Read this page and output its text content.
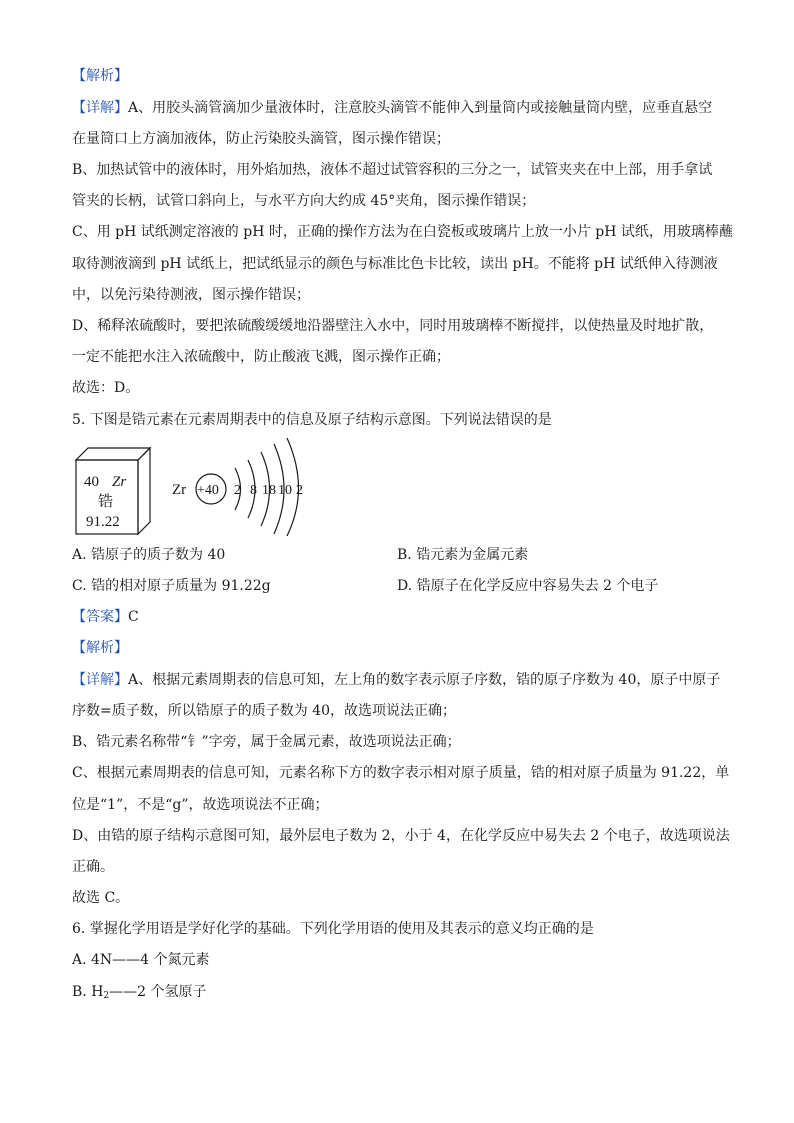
【解析】
【详解】A、用胶头滴管滴加少量液体时，注意胶头滴管不能伸入到量筒内或接触量筒内壁，应垂直悬空
在量筒口上方滴加液体，防止污染胶头滴管，图示操作错误；
B、加热试管中的液体时，用外焰加热，液体不超过试管容积的三分之一，试管夹夹在中上部，用手拿试
管夹的长柄，试管口斜向上，与水平方向大约成 45°夹角，图示操作错误；
C、用 pH 试纸测定溶液的 pH 时，正确的操作方法为在白瓷板或玻璃片上放一小片 pH 试纸，用玻璃棒蘸
取待测液滴到 pH 试纸上，把试纸显示的颜色与标准比色卡比较，读出 pH。不能将 pH 试纸伸入待测液
中，以免污染待测液，图示操作错误；
D、稀释浓硫酸时，要把浓硫酸缓缓地沿器壁注入水中，同时用玻璃棒不断搅拌，以使热量及时地扩散，
一定不能把水注入浓硫酸中，防止酸液飞溅，图示操作正确；
故选：D。
5. 下图是锆元素在元素周期表中的信息及原子结构示意图。下列说法错误的是
40 Zr
锆
91.22
Zr +40 2 8 18 10 2
A. 锆原子的质子数为 40	B. 锆元素为金属元素
C. 锆的相对原子质量为 91.22g	D. 锆原子在化学反应中容易失去 2 个电子
【答案】C
【解析】
【详解】A、根据元素周期表的信息可知，左上角的数字表示原子序数，锆的原子序数为 40，原子中原子
序数=质子数，所以锆原子的质子数为 40，故选项说法正确；
B、锆元素名称带“钅”字旁，属于金属元素，故选项说法正确；
C、根据元素周期表的信息可知，元素名称下方的数字表示相对原子质量，锆的相对原子质量为 91.22，单
位是“1”，不是“g”，故选项说法不正确；
D、由锆的原子结构示意图可知，最外层电子数为 2，小于 4，在化学反应中易失去 2 个电子，故选项说法
正确。
故选 C。
6. 掌握化学用语是学好化学的基础。下列化学用语的使用及其表示的意义均正确的是
A. 4N——4 个氮元素
B. $H_2——2$ 个氢原子
